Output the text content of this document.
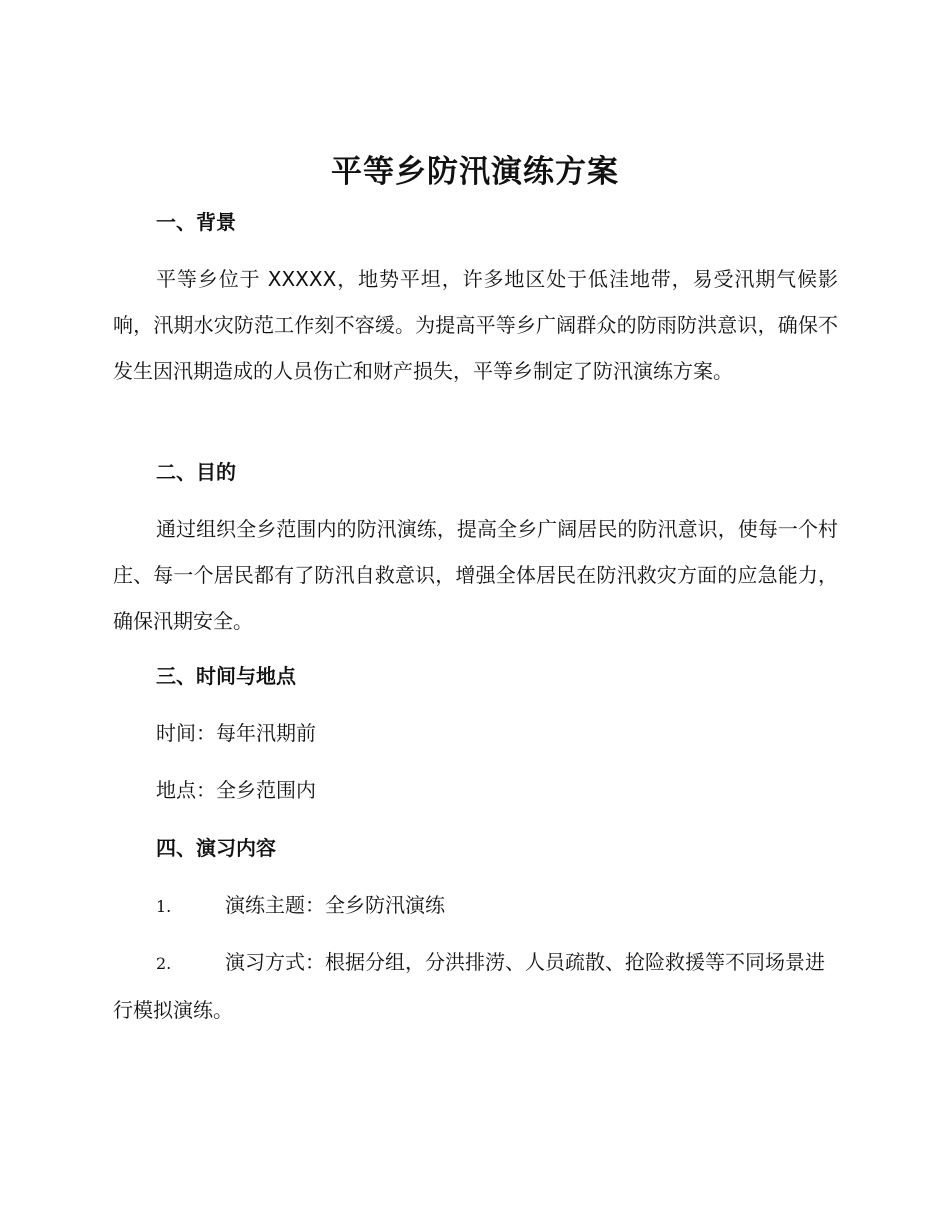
平等乡防汛演练方案
一、背景
平等乡位于 XXXXX，地势平坦，许多地区处于低洼地带，易受汛期气候影响，汛期水灾防范工作刻不容缓。为提高平等乡广阔群众的防雨防洪意识，确保不发生因汛期造成的人员伤亡和财产损失，平等乡制定了防汛演练方案。
二、目的
通过组织全乡范围内的防汛演练，提高全乡广阔居民的防汛意识，使每一个村庄、每一个居民都有了防汛自救意识，增强全体居民在防汛救灾方面的应急能力，确保汛期安全。
三、时间与地点
时间：每年汛期前
地点：全乡范围内
四、演习内容
1.	演练主题：全乡防汛演练
2.	演习方式：根据分组，分洪排涝、人员疏散、抢险救援等不同场景进行模拟演练。
